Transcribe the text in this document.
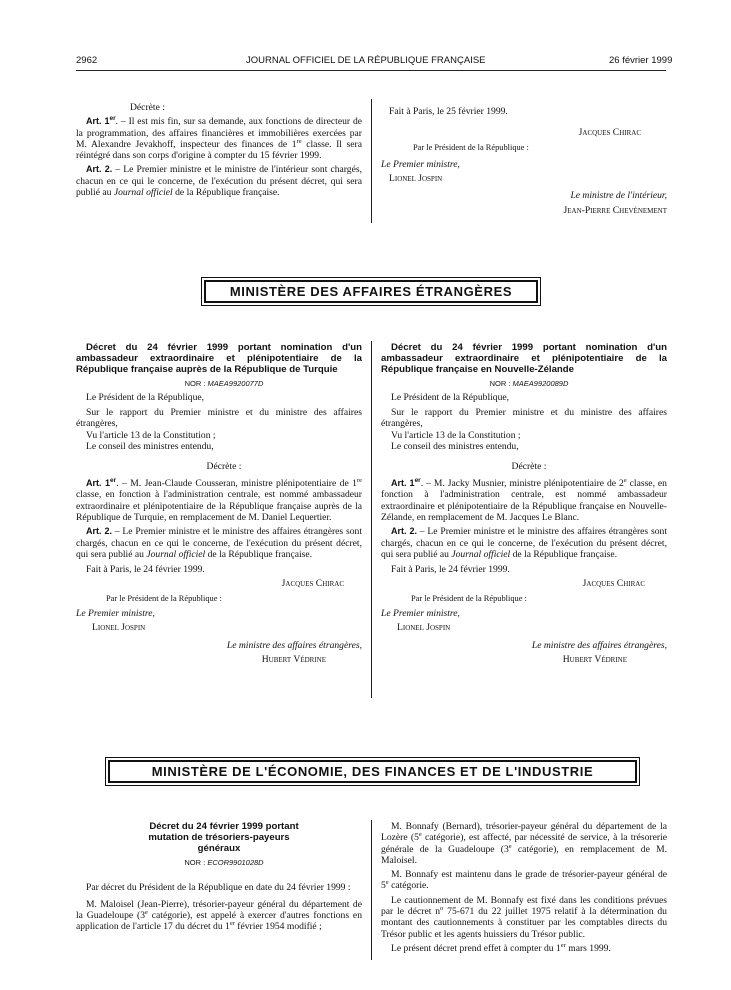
2962	JOURNAL OFFICIEL DE LA RÉPUBLIQUE FRANÇAISE	26 février 1999

Décrète :

Art. 1er. – Il est mis fin, sur sa demande, aux fonctions de directeur de la programmation, des affaires financières et immobilières exercées par M. Alexandre Jevakhoff, inspecteur des finances de 1re classe. Il sera réintégré dans son corps d'origine à compter du 15 février 1999.

Art. 2. – Le Premier ministre et le ministre de l'intérieur sont chargés, chacun en ce qui le concerne, de l'exécution du présent décret, qui sera publié au Journal officiel de la République française.

Fait à Paris, le 25 février 1999.

Jacques Chirac

Par le Président de la République :

Le Premier ministre,

Lionel Jospin

Le ministre de l'intérieur,

Jean-Pierre Chevènement

MINISTÈRE DES AFFAIRES ÉTRANGÈRES

Décret du 24 février 1999 portant nomination d'un ambassadeur extraordinaire et plénipotentiaire de la République française auprès de la République de Turquie

NOR : MAEA9920077D

Le Président de la République,

Sur le rapport du Premier ministre et du ministre des affaires étrangères,

Vu l'article 13 de la Constitution ;

Le conseil des ministres entendu,

Décrète :

Art. 1er. – M. Jean-Claude Cousseran, ministre plénipotentiaire de 1re classe, en fonction à l'administration centrale, est nommé ambassadeur extraordinaire et plénipotentiaire de la République française auprès de la République de Turquie, en remplacement de M. Daniel Lequertier.

Art. 2. – Le Premier ministre et le ministre des affaires étrangères sont chargés, chacun en ce qui le concerne, de l'exécution du présent décret, qui sera publié au Journal officiel de la République française.

Fait à Paris, le 24 février 1999.

Jacques Chirac

Par le Président de la République :

Le Premier ministre,

Lionel Jospin

Le ministre des affaires étrangères,

Hubert Védrine

Décret du 24 février 1999 portant nomination d'un ambassadeur extraordinaire et plénipotentiaire de la République française en Nouvelle-Zélande

NOR : MAEA9920089D

Le Président de la République,

Sur le rapport du Premier ministre et du ministre des affaires étrangères,

Vu l'article 13 de la Constitution ;

Le conseil des ministres entendu,

Décrète :

Art. 1er. – M. Jacky Musnier, ministre plénipotentiaire de 2e classe, en fonction à l'administration centrale, est nommé ambassadeur extraordinaire et plénipotentiaire de la République française en Nouvelle-Zélande, en remplacement de M. Jacques Le Blanc.

Art. 2. – Le Premier ministre et le ministre des affaires étrangères sont chargés, chacun en ce qui le concerne, de l'exécution du présent décret, qui sera publié au Journal officiel de la République française.

Fait à Paris, le 24 février 1999.

Jacques Chirac

Par le Président de la République :

Le Premier ministre,

Lionel Jospin

Le ministre des affaires étrangères,

Hubert Védrine

MINISTÈRE DE L'ÉCONOMIE, DES FINANCES ET DE L'INDUSTRIE

Décret du 24 février 1999 portant mutation de trésoriers-payeurs généraux

NOR : ECOR9901028D

Par décret du Président de la République en date du 24 février 1999 :

M. Maloisel (Jean-Pierre), trésorier-payeur général du département de la Guadeloupe (3e catégorie), est appelé à exercer d'autres fonctions en application de l'article 17 du décret du 1er février 1954 modifié ;

M. Bonnafy (Bernard), trésorier-payeur général du département de la Lozère (5e catégorie), est affecté, par nécessité de service, à la trésorerie générale de la Guadeloupe (3e catégorie), en remplacement de M. Maloisel.

M. Bonnafy est maintenu dans le grade de trésorier-payeur général de 5e catégorie.

Le cautionnement de M. Bonnafy est fixé dans les conditions prévues par le décret $n^o$ 75-671 du 22 juillet 1975 relatif à la détermination du montant des cautionnements à constituer par les comptables directs du Trésor public et les agents huissiers du Trésor public.

Le présent décret prend effet à compter du 1er mars 1999.
